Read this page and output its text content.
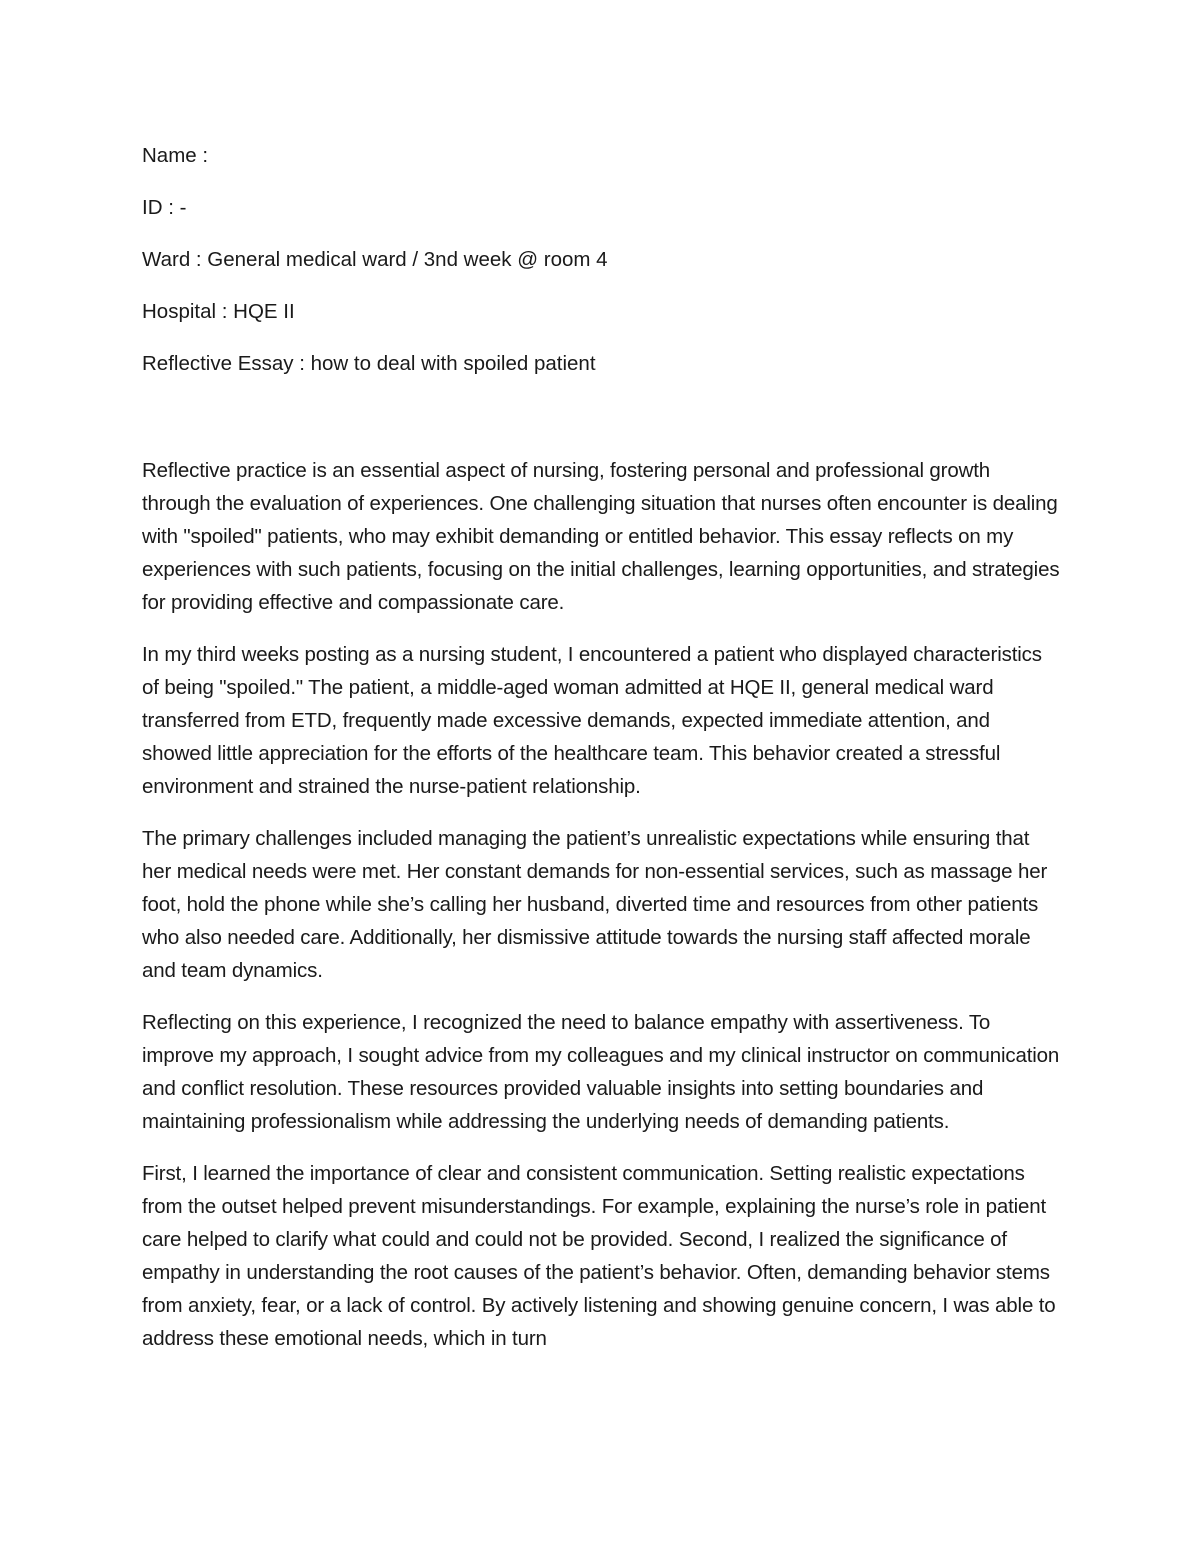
Name :

ID : -

Ward : General medical ward / 3nd week @ room 4

Hospital : HQE II

Reflective Essay : how to deal with spoiled patient

Reflective practice is an essential aspect of nursing, fostering personal and professional growth through the evaluation of experiences. One challenging situation that nurses often encounter is dealing with "spoiled" patients, who may exhibit demanding or entitled behavior. This essay reflects on my experiences with such patients, focusing on the initial challenges, learning opportunities, and strategies for providing effective and compassionate care.

In my third weeks posting as a nursing student, I encountered a patient who displayed characteristics of being "spoiled." The patient, a middle-aged woman admitted at HQE II, general medical ward transferred from ETD, frequently made excessive demands, expected immediate attention, and showed little appreciation for the efforts of the healthcare team. This behavior created a stressful environment and strained the nurse-patient relationship.

The primary challenges included managing the patient’s unrealistic expectations while ensuring that her medical needs were met. Her constant demands for non-essential services, such as massage her foot, hold the phone while she’s calling her husband, diverted time and resources from other patients who also needed care. Additionally, her dismissive attitude towards the nursing staff affected morale and team dynamics.

Reflecting on this experience, I recognized the need to balance empathy with assertiveness. To improve my approach, I sought advice from my colleagues and my clinical instructor on communication and conflict resolution. These resources provided valuable insights into setting boundaries and maintaining professionalism while addressing the underlying needs of demanding patients.

First, I learned the importance of clear and consistent communication. Setting realistic expectations from the outset helped prevent misunderstandings. For example, explaining the nurse’s role in patient care helped to clarify what could and could not be provided. Second, I realized the significance of empathy in understanding the root causes of the patient’s behavior. Often, demanding behavior stems from anxiety, fear, or a lack of control. By actively listening and showing genuine concern, I was able to address these emotional needs, which in turn
